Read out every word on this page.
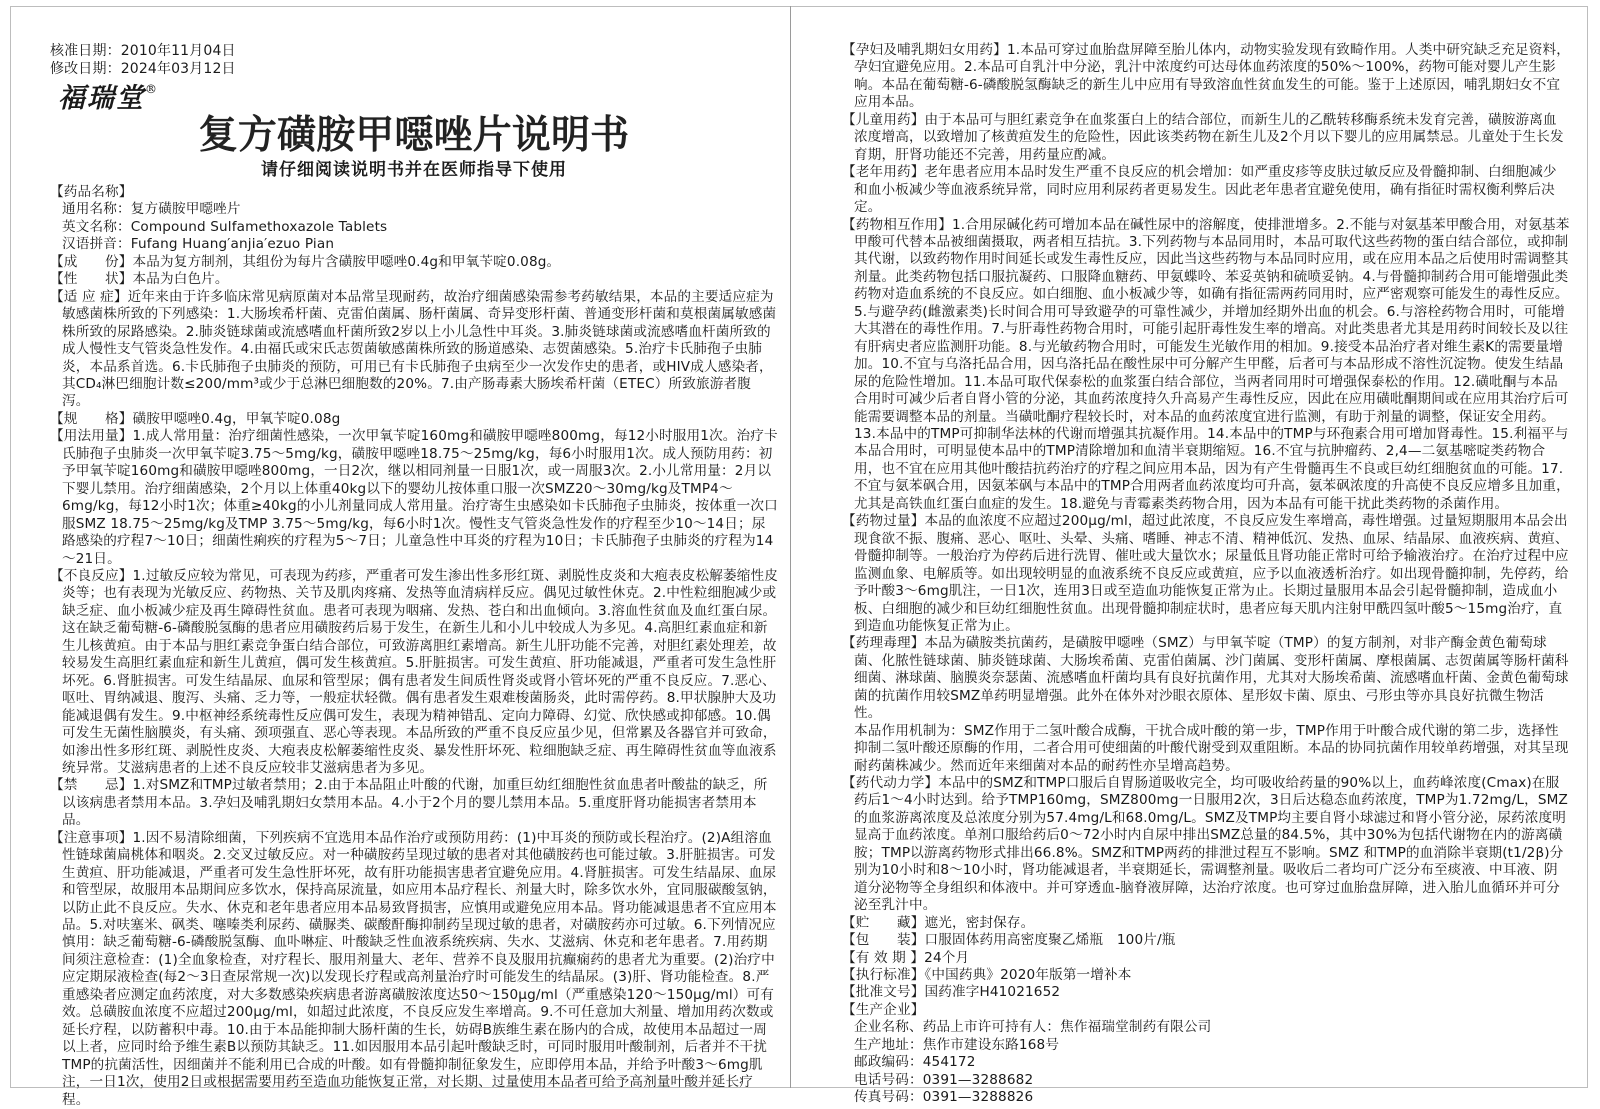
核准日期：2010年11月04日
修改日期：2024年03月12日
福瑞堂®
复方磺胺甲噁唑片说明书
请仔细阅读说明书并在医师指导下使用

【药品名称】

通用名称：复方磺胺甲噁唑片

英文名称：Compound Sulfamethoxazole Tablets

汉语拼音：Fufang Huang′anjia′ezuo Pian

【成　　份】本品为复方制剂，其组份为每片含磺胺甲噁唑0.4g和甲氧苄啶0.08g。

【性　　状】本品为白色片。

【适 应 症】近年来由于许多临床常见病原菌对本品常呈现耐药，故治疗细菌感染需参考药敏结果，本品的主要适应症为敏感菌株所致的下列感染：1.大肠埃希杆菌、克雷伯菌属、肠杆菌属、奇异变形杆菌、普通变形杆菌和莫根菌属敏感菌株所致的尿路感染。2.肺炎链球菌或流感嗜血杆菌所致2岁以上小儿急性中耳炎。3.肺炎链球菌或流感嗜血杆菌所致的成人慢性支气管炎急性发作。4.由福氏或宋氏志贺菌敏感菌株所致的肠道感染、志贺菌感染。5.治疗卡氏肺孢子虫肺炎，本品系首选。6.卡氏肺孢子虫肺炎的预防，可用已有卡氏肺孢子虫病至少一次发作史的患者，或HIV成人感染者，其CD₄淋巴细胞计数≤200/mm³或少于总淋巴细胞数的20%。7.由产肠毒素大肠埃希杆菌（ETEC）所致旅游者腹泻。

【规　　格】磺胺甲噁唑0.4g，甲氧苄啶0.08g

【用法用量】1.成人常用量：治疗细菌性感染，一次甲氧苄啶160mg和磺胺甲噁唑800mg，每12小时服用1次。治疗卡氏肺孢子虫肺炎一次甲氧苄啶3.75～5mg/kg，磺胺甲噁唑18.75～25mg/kg，每6小时服用1次。成人预防用药：初予甲氧苄啶160mg和磺胺甲噁唑800mg，一日2次，继以相同剂量一日服1次，或一周服3次。2.小儿常用量：2月以下婴儿禁用。治疗细菌感染，2个月以上体重40kg以下的婴幼儿按体重口服一次SMZ20～30mg/kg及TMP4～6mg/kg，每12小时1次；体重≥40kg的小儿剂量同成人常用量。治疗寄生虫感染如卡氏肺孢子虫肺炎，按体重一次口服SMZ 18.75～25mg/kg及TMP 3.75～5mg/kg，每6小时1次。慢性支气管炎急性发作的疗程至少10～14日；尿路感染的疗程7～10日；细菌性痢疾的疗程为5～7日；儿童急性中耳炎的疗程为10日；卡氏肺孢子虫肺炎的疗程为14～21日。

【不良反应】1.过敏反应较为常见，可表现为药疹，严重者可发生渗出性多形红斑、剥脱性皮炎和大疱表皮松解萎缩性皮炎等；也有表现为光敏反应、药物热、关节及肌肉疼痛、发热等血清病样反应。偶见过敏性休克。2.中性粒细胞减少或缺乏症、血小板减少症及再生障碍性贫血。患者可表现为咽痛、发热、苍白和出血倾向。3.溶血性贫血及血红蛋白尿。这在缺乏葡萄糖-6-磷酸脱氢酶的患者应用磺胺药后易于发生，在新生儿和小儿中较成人为多见。4.高胆红素血症和新生儿核黄疸。由于本品与胆红素竞争蛋白结合部位，可致游离胆红素增高。新生儿肝功能不完善，对胆红素处理差，故较易发生高胆红素血症和新生儿黄疸，偶可发生核黄疸。5.肝脏损害。可发生黄疸、肝功能减退，严重者可发生急性肝坏死。6.肾脏损害。可发生结晶尿、血尿和管型尿；偶有患者发生间质性肾炎或肾小管坏死的严重不良反应。7.恶心、呕吐、胃纳减退、腹泻、头痛、乏力等，一般症状轻微。偶有患者发生艰难梭菌肠炎，此时需停药。8.甲状腺肿大及功能减退偶有发生。9.中枢神经系统毒性反应偶可发生，表现为精神错乱、定向力障碍、幻觉、欣快感或抑郁感。10.偶可发生无菌性脑膜炎，有头痛、颈项强直、恶心等表现。本品所致的严重不良反应虽少见，但常累及各器官并可致命，如渗出性多形红斑、剥脱性皮炎、大疱表皮松解萎缩性皮炎、暴发性肝坏死、粒细胞缺乏症、再生障碍性贫血等血液系统异常。艾滋病患者的上述不良反应较非艾滋病患者为多见。

【禁　　忌】1.对SMZ和TMP过敏者禁用；2.由于本品阻止叶酸的代谢，加重巨幼红细胞性贫血患者叶酸盐的缺乏，所以该病患者禁用本品。3.孕妇及哺乳期妇女禁用本品。4.小于2个月的婴儿禁用本品。5.重度肝肾功能损害者禁用本品。

【注意事项】1.因不易清除细菌，下列疾病不宜选用本品作治疗或预防用药：(1)中耳炎的预防或长程治疗。(2)A组溶血性链球菌扁桃体和咽炎。2.交叉过敏反应。对一种磺胺药呈现过敏的患者对其他磺胺药也可能过敏。3.肝脏损害。可发生黄疸、肝功能减退，严重者可发生急性肝坏死，故有肝功能损害患者宜避免应用。4.肾脏损害。可发生结晶尿、血尿和管型尿，故服用本品期间应多饮水，保持高尿流量，如应用本品疗程长、剂量大时，除多饮水外，宜同服碳酸氢钠，以防止此不良反应。失水、休克和老年患者应用本品易致肾损害，应慎用或避免应用本品。肾功能减退患者不宜应用本品。5.对呋塞米、砜类、噻嗪类利尿药、磺脲类、碳酸酐酶抑制药呈现过敏的患者，对磺胺药亦可过敏。6.下列情况应慎用：缺乏葡萄糖-6-磷酸脱氢酶、血卟啉症、叶酸缺乏性血液系统疾病、失水、艾滋病、休克和老年患者。7.用药期间须注意检查：(1)全血象检查，对疗程长、服用剂量大、老年、营养不良及服用抗癫痫药的患者尤为重要。(2)治疗中应定期尿液检查(每2～3日查尿常规一次)以发现长疗程或高剂量治疗时可能发生的结晶尿。(3)肝、肾功能检查。8.严重感染者应测定血药浓度，对大多数感染疾病患者游离磺胺浓度达50～150μg/ml（严重感染120～150μg/ml）可有效。总磺胺血浓度不应超过200μg/ml，如超过此浓度，不良反应发生率增高。9.不可任意加大剂量、增加用药次数或延长疗程，以防蓄积中毒。10.由于本品能抑制大肠杆菌的生长，妨碍B族维生素在肠内的合成，故使用本品超过一周以上者，应同时给予维生素B以预防其缺乏。11.如因服用本品引起叶酸缺乏时，可同时服用叶酸制剂，后者并不干扰TMP的抗菌活性，因细菌并不能利用已合成的叶酸。如有骨髓抑制征象发生，应即停用本品，并给予叶酸3～6mg肌注，一日1次，使用2日或根据需要用药至造血功能恢复正常，对长期、过量使用本品者可给予高剂量叶酸并延长疗程。

【孕妇及哺乳期妇女用药】1.本品可穿过血胎盘屏障至胎儿体内，动物实验发现有致畸作用。人类中研究缺乏充足资料，孕妇宜避免应用。2.本品可自乳汁中分泌，乳汁中浓度约可达母体血药浓度的50%～100%，药物可能对婴儿产生影响。本品在葡萄糖-6-磷酸脱氢酶缺乏的新生儿中应用有导致溶血性贫血发生的可能。鉴于上述原因，哺乳期妇女不宜应用本品。

【儿童用药】由于本品可与胆红素竞争在血浆蛋白上的结合部位，而新生儿的乙酰转移酶系统未发育完善，磺胺游离血浓度增高，以致增加了核黄疸发生的危险性，因此该类药物在新生儿及2个月以下婴儿的应用属禁忌。儿童处于生长发育期，肝肾功能还不完善，用药量应酌减。

【老年用药】老年患者应用本品时发生严重不良反应的机会增加：如严重皮疹等皮肤过敏反应及骨髓抑制、白细胞减少和血小板减少等血液系统异常，同时应用利尿药者更易发生。因此老年患者宜避免使用，确有指征时需权衡利弊后决定。

【药物相互作用】1.合用尿碱化药可增加本品在碱性尿中的溶解度，使排泄增多。2.不能与对氨基苯甲酸合用，对氨基苯甲酸可代替本品被细菌摄取，两者相互拮抗。3.下列药物与本品同用时，本品可取代这些药物的蛋白结合部位，或抑制其代谢，以致药物作用时间延长或发生毒性反应，因此当这些药物与本品同时应用，或在应用本品之后使用时需调整其剂量。此类药物包括口服抗凝药、口服降血糖药、甲氨蝶呤、苯妥英钠和硫喷妥钠。4.与骨髓抑制药合用可能增强此类药物对造血系统的不良反应。如白细胞、血小板减少等，如确有指征需两药同用时，应严密观察可能发生的毒性反应。5.与避孕药(雌激素类)长时间合用可导致避孕的可靠性减少，并增加经期外出血的机会。6.与溶栓药物合用时，可能增大其潜在的毒性作用。7.与肝毒性药物合用时，可能引起肝毒性发生率的增高。对此类患者尤其是用药时间较长及以往有肝病史者应监测肝功能。8.与光敏药物合用时，可能发生光敏作用的相加。9.接受本品治疗者对维生素K的需要量增加。10.不宜与乌洛托品合用，因乌洛托品在酸性尿中可分解产生甲醛，后者可与本品形成不溶性沉淀物。使发生结晶尿的危险性增加。11.本品可取代保泰松的血浆蛋白结合部位，当两者同用时可增强保泰松的作用。12.磺吡酮与本品合用时可减少后者自肾小管的分泌，其血药浓度持久升高易产生毒性反应，因此在应用磺吡酮期间或在应用其治疗后可能需要调整本品的剂量。当磺吡酮疗程较长时，对本品的血药浓度宜进行监测，有助于剂量的调整，保证安全用药。13.本品中的TMP可抑制华法林的代谢而增强其抗凝作用。14.本品中的TMP与环孢素合用可增加肾毒性。15.利福平与本品合用时，可明显使本品中的TMP清除增加和血清半衰期缩短。16.不宜与抗肿瘤药、2,4—二氨基嘧啶类药物合用，也不宜在应用其他叶酸拮抗药治疗的疗程之间应用本品，因为有产生骨髓再生不良或巨幼红细胞贫血的可能。17.不宜与氨苯砜合用，因氨苯砜与本品中的TMP合用两者血药浓度均可升高，氨苯砜浓度的升高使不良反应增多且加重，尤其是高铁血红蛋白血症的发生。18.避免与青霉素类药物合用，因为本品有可能干扰此类药物的杀菌作用。

【药物过量】本品的血浓度不应超过200μg/ml，超过此浓度，不良反应发生率增高，毒性增强。过量短期服用本品会出现食欲不振、腹痛、恶心、呕吐、头晕、头痛、嗜睡、神志不清、精神低沉、发热、血尿、结晶尿、血液疾病、黄疸、骨髓抑制等。一般治疗为停药后进行洗胃、催吐或大量饮水；尿量低且肾功能正常时可给予输液治疗。在治疗过程中应监测血象、电解质等。如出现较明显的血液系统不良反应或黄疸，应予以血液透析治疗。如出现骨髓抑制，先停药，给予叶酸3～6mg肌注，一日1次，连用3日或至造血功能恢复正常为止。长期过量服用本品会引起骨髓抑制，造成血小板、白细胞的减少和巨幼红细胞性贫血。出现骨髓抑制症状时，患者应每天肌内注射甲酰四氢叶酸5～15mg治疗，直到造血功能恢复正常为止。

【药理毒理】本品为磺胺类抗菌药，是磺胺甲噁唑（SMZ）与甲氧苄啶（TMP）的复方制剂，对非产酶金黄色葡萄球菌、化脓性链球菌、肺炎链球菌、大肠埃希菌、克雷伯菌属、沙门菌属、变形杆菌属、摩根菌属、志贺菌属等肠杆菌科细菌、淋球菌、脑膜炎奈瑟菌、流感嗜血杆菌均具有良好抗菌作用，尤其对大肠埃希菌、流感嗜血杆菌、金黄色葡萄球菌的抗菌作用较SMZ单药明显增强。此外在体外对沙眼衣原体、星形奴卡菌、原虫、弓形虫等亦具良好抗微生物活性。

本品作用机制为：SMZ作用于二氢叶酸合成酶，干扰合成叶酸的第一步，TMP作用于叶酸合成代谢的第二步，选择性抑制二氢叶酸还原酶的作用，二者合用可使细菌的叶酸代谢受到双重阻断。本品的协同抗菌作用较单药增强，对其呈现耐药菌株减少。然而近年来细菌对本品的耐药性亦呈增高趋势。

【药代动力学】本品中的SMZ和TMP口服后自胃肠道吸收完全，均可吸收给药量的90%以上，血药峰浓度(Cmax)在服药后1～4小时达到。给予TMP160mg，SMZ800mg一日服用2次，3日后达稳态血药浓度，TMP为1.72mg/L，SMZ的血浆游离浓度及总浓度分别为57.4mg/L和68.0mg/L。SMZ及TMP均主要自肾小球滤过和肾小管分泌，尿药浓度明显高于血药浓度。单剂口服给药后0～72小时内自尿中排出SMZ总量的84.5%，其中30%为包括代谢物在内的游离磺胺；TMP以游离药物形式排出66.8%。SMZ和TMP两药的排泄过程互不影响。SMZ 和TMP的血消除半衰期(t1/2β)分别为10小时和8～10小时，肾功能减退者，半衰期延长，需调整剂量。吸收后二者均可广泛分布至痰液、中耳液、阴道分泌物等全身组织和体液中。并可穿透血-脑脊液屏障，达治疗浓度。也可穿过血胎盘屏障，进入胎儿血循环并可分泌至乳汁中。

【贮　　藏】遮光，密封保存。

【包　　装】口服固体药用高密度聚乙烯瓶　100片/瓶

【有 效 期 】24个月

【执行标准】《中国药典》2020年版第一增补本

【批准文号】国药准字H41021652

【生产企业】

企业名称、药品上市许可持有人：焦作福瑞堂制药有限公司

生产地址：焦作市建设东路168号

邮政编码：454172

电话号码：0391—3288682

传真号码：0391—3288826
